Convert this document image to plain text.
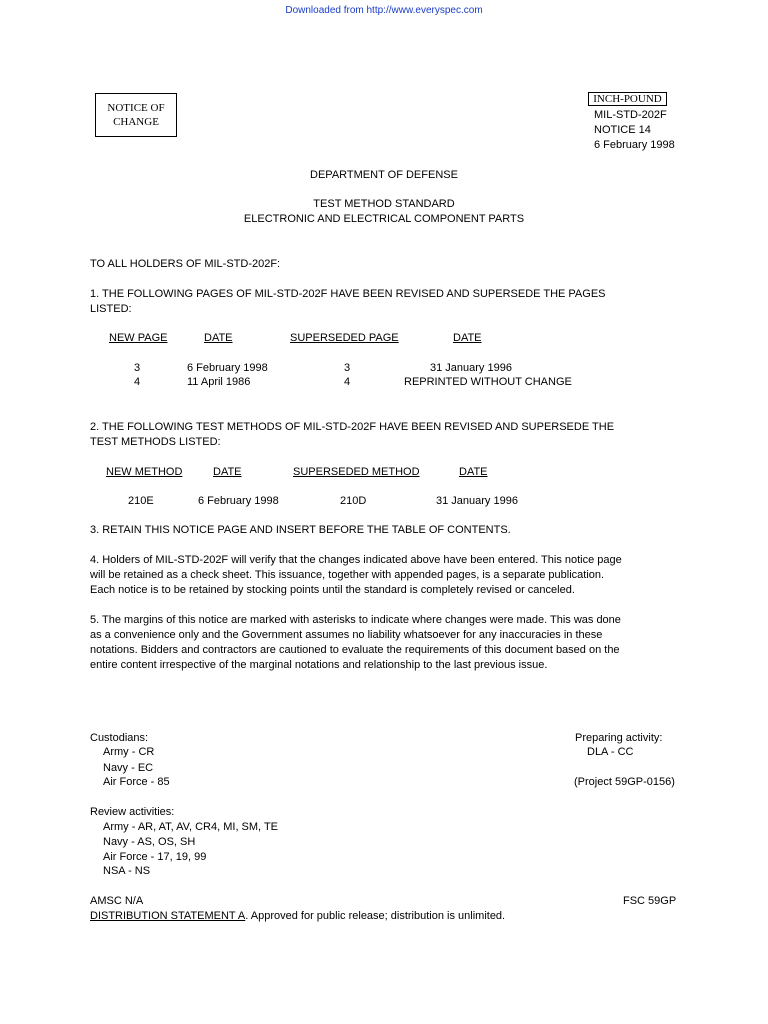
Downloaded from http://www.everyspec.com
NOTICE OF
CHANGE
INCH-POUND
MIL-STD-202F
NOTICE 14
6 February 1998
DEPARTMENT OF DEFENSE
TEST METHOD STANDARD
ELECTRONIC AND ELECTRICAL COMPONENT PARTS
TO ALL HOLDERS OF MIL-STD-202F:
1. THE FOLLOWING PAGES OF MIL-STD-202F HAVE BEEN REVISED AND SUPERSEDE THE PAGES
LISTED:
NEW PAGE	DATE	SUPERSEDED PAGE	DATE
3	6 February 1998	3	31 January 1996
4	11 April 1986	4	REPRINTED WITHOUT CHANGE
2. THE FOLLOWING TEST METHODS OF MIL-STD-202F HAVE BEEN REVISED AND SUPERSEDE THE
TEST METHODS LISTED:
NEW METHOD	DATE	SUPERSEDED METHOD	DATE
210E	6 February 1998	210D	31 January 1996
3. RETAIN THIS NOTICE PAGE AND INSERT BEFORE THE TABLE OF CONTENTS.
4. Holders of MIL-STD-202F will verify that the changes indicated above have been entered. This notice page
will be retained as a check sheet. This issuance, together with appended pages, is a separate publication.
Each notice is to be retained by stocking points until the standard is completely revised or canceled.
5. The margins of this notice are marked with asterisks to indicate where changes were made. This was done
as a convenience only and the Government assumes no liability whatsoever for any inaccuracies in these
notations. Bidders and contractors are cautioned to evaluate the requirements of this document based on the
entire content irrespective of the marginal notations and relationship to the last previous issue.
Custodians:
Army - CR
Navy - EC
Air Force - 85
Preparing activity:
DLA - CC
(Project 59GP-0156)
Review activities:
Army - AR, AT, AV, CR4, MI, SM, TE
Navy - AS, OS, SH
Air Force - 17, 19, 99
NSA - NS
AMSC N/A	FSC 59GP
DISTRIBUTION STATEMENT A. Approved for public release; distribution is unlimited.
